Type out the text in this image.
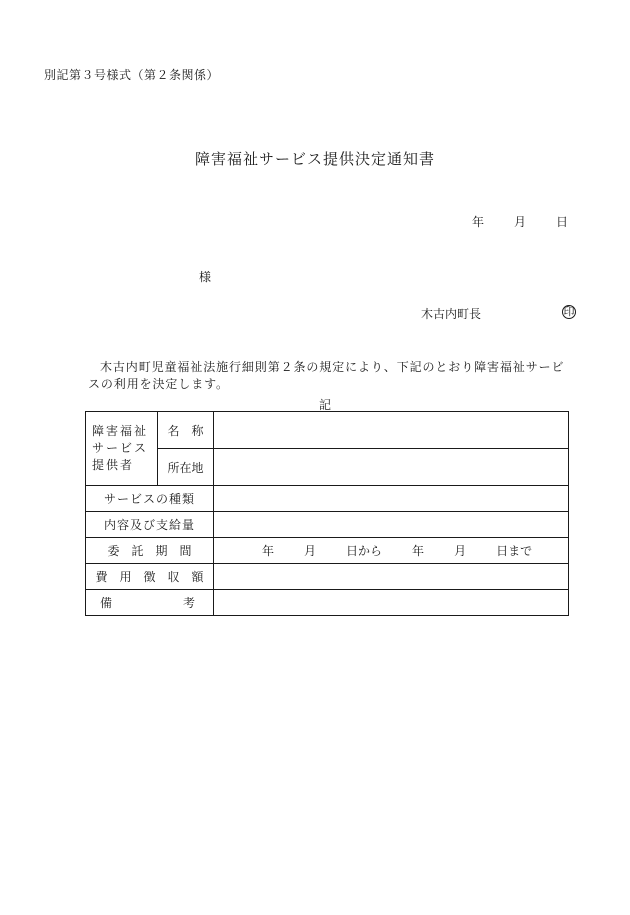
別記第３号様式（第２条関係）
障害福祉サービス提供決定通知書
年	月	日
様
木古内町長	印
木古内町児童福祉法施行細則第２条の規定により、下記のとおり障害福祉サービスの利用を決定します。
記
障害福祉
サービス
提供者	名　称	
	所在地	
サービスの種類		
内容及び支給量		
委　託　期　間		年 月 日から 年 月 日まで
費　用　徴　収　額		

備 考		
